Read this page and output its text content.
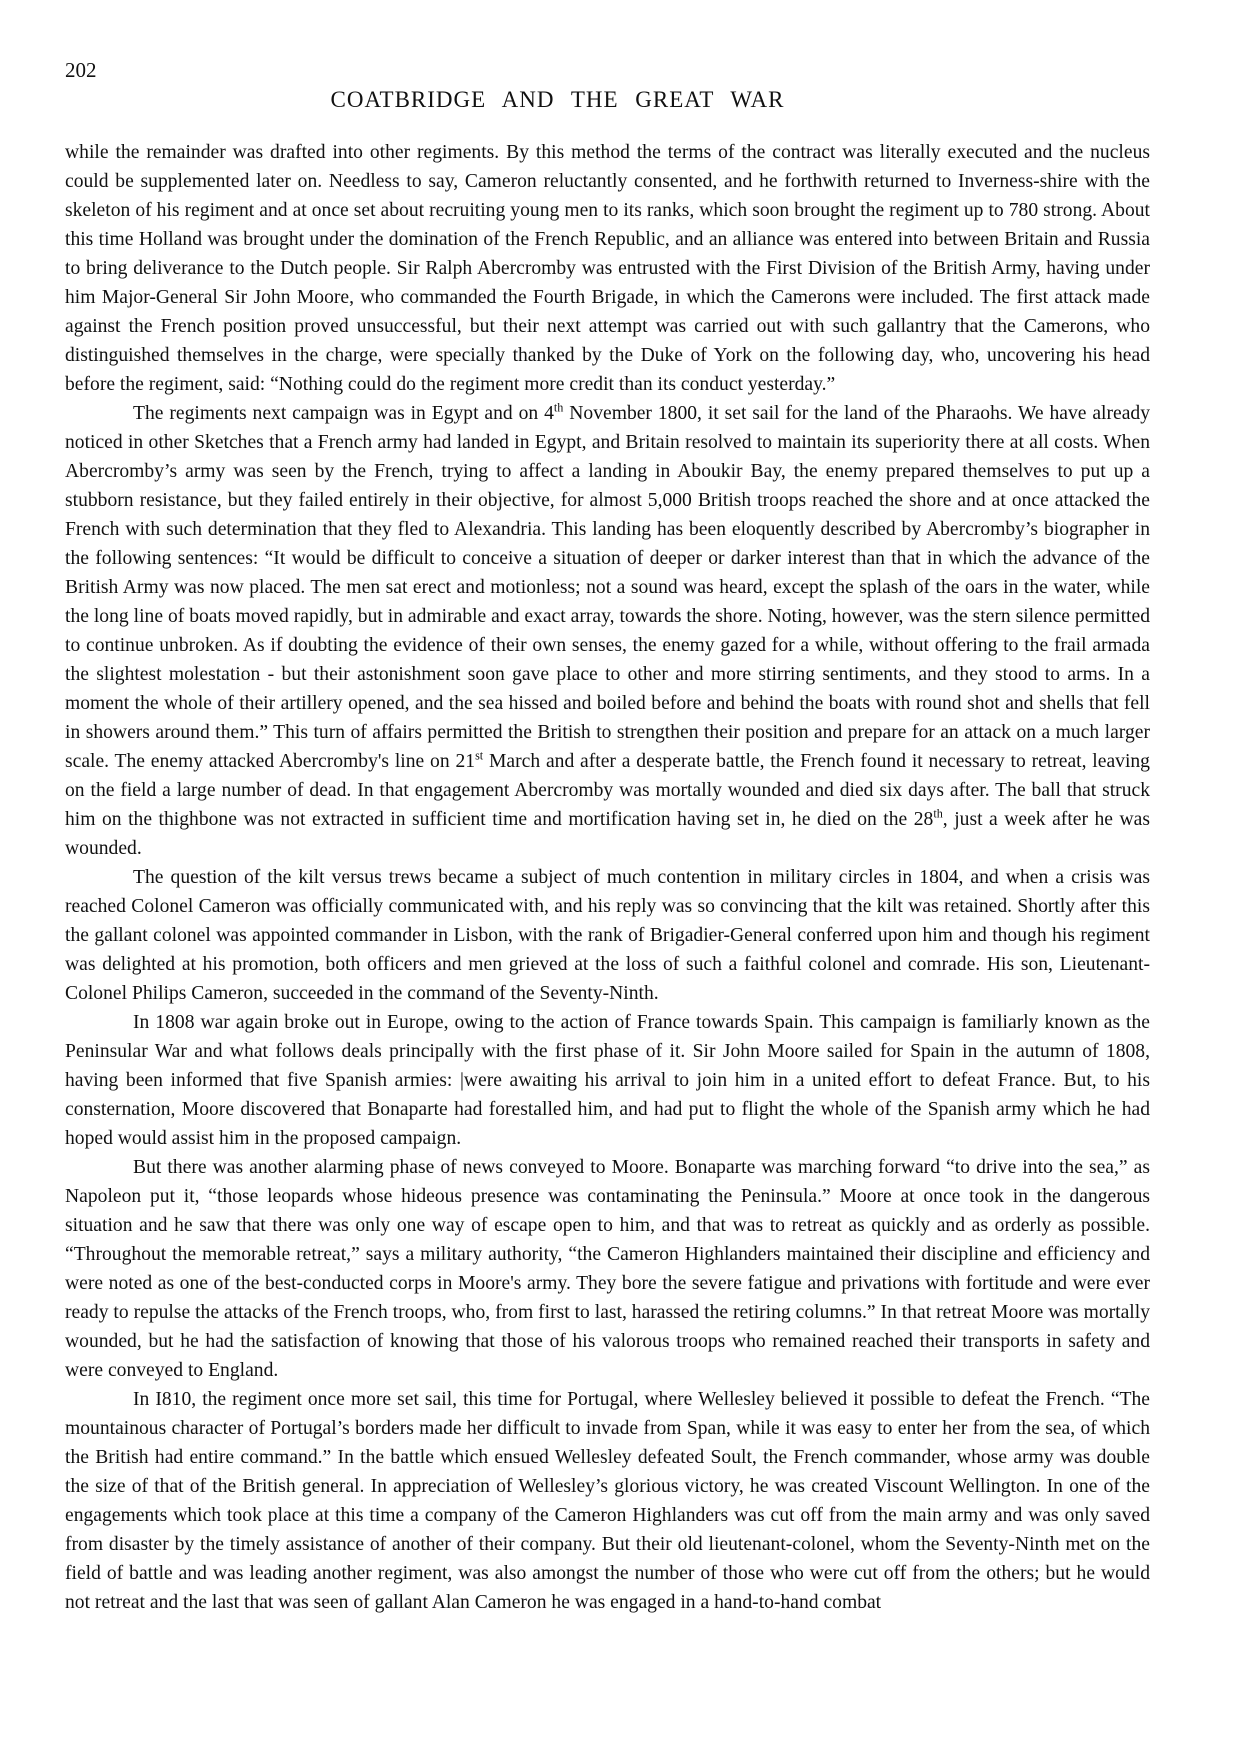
202
COATBRIDGE AND THE GREAT WAR

while the remainder was drafted into other regiments. By this method the terms of the contract was literally executed and the nucleus could be supplemented later on. Needless to say, Cameron reluctantly consented, and he forthwith returned to Inverness-shire with the skeleton of his regiment and at once set about recruiting young men to its ranks, which soon brought the regiment up to 780 strong. About this time Holland was brought under the domination of the French Republic, and an alliance was entered into between Britain and Russia to bring deliverance to the Dutch people. Sir Ralph Abercromby was entrusted with the First Division of the British Army, having under him Major-General Sir John Moore, who commanded the Fourth Brigade, in which the Camerons were included. The first attack made against the French position proved unsuccessful, but their next attempt was carried out with such gallantry that the Camerons, who distinguished themselves in the charge, were specially thanked by the Duke of York on the following day, who, uncovering his head before the regiment, said: “Nothing could do the regiment more credit than its conduct yesterday.”

The regiments next campaign was in Egypt and on 4th November 1800, it set sail for the land of the Pharaohs. We have already noticed in other Sketches that a French army had landed in Egypt, and Britain resolved to maintain its superiority there at all costs. When Abercromby’s army was seen by the French, trying to affect a landing in Aboukir Bay, the enemy prepared themselves to put up a stubborn resistance, but they failed entirely in their objective, for almost 5,000 British troops reached the shore and at once attacked the French with such determination that they fled to Alexandria. This landing has been eloquently described by Abercromby’s biographer in the following sentences: “It would be difficult to conceive a situation of deeper or darker interest than that in which the advance of the British Army was now placed. The men sat erect and motionless; not a sound was heard, except the splash of the oars in the water, while the long line of boats moved rapidly, but in admirable and exact array, towards the shore. Noting, however, was the stern silence permitted to continue unbroken. As if doubting the evidence of their own senses, the enemy gazed for a while, without offering to the frail armada the slightest molestation - but their astonishment soon gave place to other and more stirring sentiments, and they stood to arms. In a moment the whole of their artillery opened, and the sea hissed and boiled before and behind the boats with round shot and shells that fell in showers around them.” This turn of affairs permitted the British to strengthen their position and prepare for an attack on a much larger scale. The enemy attacked Abercromby's line on 21st March and after a desperate battle, the French found it necessary to retreat, leaving on the field a large number of dead. In that engagement Abercromby was mortally wounded and died six days after. The ball that struck him on the thighbone was not extracted in sufficient time and mortification having set in, he died on the 28th, just a week after he was wounded.

The question of the kilt versus trews became a subject of much contention in military circles in 1804, and when a crisis was reached Colonel Cameron was officially communicated with, and his reply was so convincing that the kilt was retained. Shortly after this the gallant colonel was appointed commander in Lisbon, with the rank of Brigadier-General conferred upon him and though his regiment was delighted at his promotion, both officers and men grieved at the loss of such a faithful colonel and comrade. His son, Lieutenant-Colonel Philips Cameron, succeeded in the command of the Seventy-Ninth.

In 1808 war again broke out in Europe, owing to the action of France towards Spain. This campaign is familiarly known as the Peninsular War and what follows deals principally with the first phase of it. Sir John Moore sailed for Spain in the autumn of 1808, having been informed that five Spanish armies: |were awaiting his arrival to join him in a united effort to defeat France. But, to his consternation, Moore discovered that Bonaparte had forestalled him, and had put to flight the whole of the Spanish army which he had hoped would assist him in the proposed campaign.

But there was another alarming phase of news conveyed to Moore. Bonaparte was marching forward “to drive into the sea,” as Napoleon put it, “those leopards whose hideous presence was contaminating the Peninsula.” Moore at once took in the dangerous situation and he saw that there was only one way of escape open to him, and that was to retreat as quickly and as orderly as possible. “Throughout the memorable retreat,” says a military authority, “the Cameron Highlanders maintained their discipline and efficiency and were noted as one of the best-conducted corps in Moore's army. They bore the severe fatigue and privations with fortitude and were ever ready to repulse the attacks of the French troops, who, from first to last, harassed the retiring columns.” In that retreat Moore was mortally wounded, but he had the satisfaction of knowing that those of his valorous troops who remained reached their transports in safety and were conveyed to England.

In I810, the regiment once more set sail, this time for Portugal, where Wellesley believed it possible to defeat the French. “The mountainous character of Portugal’s borders made her difficult to invade from Span, while it was easy to enter her from the sea, of which the British had entire command.” In the battle which ensued Wellesley defeated Soult, the French commander, whose army was double the size of that of the British general. In appreciation of Wellesley’s glorious victory, he was created Viscount Wellington. In one of the engagements which took place at this time a company of the Cameron Highlanders was cut off from the main army and was only saved from disaster by the timely assistance of another of their company. But their old lieutenant-colonel, whom the Seventy-Ninth met on the field of battle and was leading another regiment, was also amongst the number of those who were cut off from the others; but he would not retreat and the last that was seen of gallant Alan Cameron he was engaged in a hand-to-hand combat
